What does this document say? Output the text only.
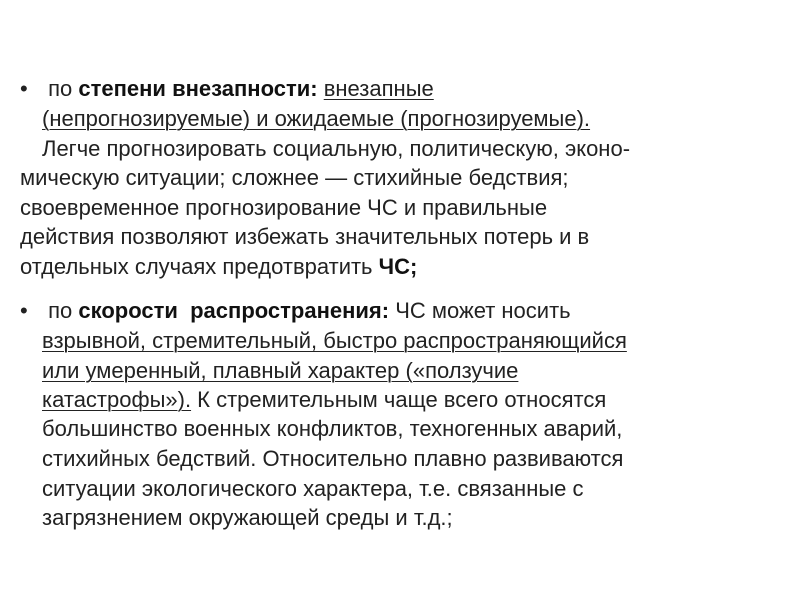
• по степени внезапности: внезапные
(непрогнозируемые) и ожидаемые (прогнозируемые).
Легче прогнозировать социальную, политическую, эконо-
мическую ситуации; сложнее — стихийные бедствия;
своевременное прогнозирование ЧС и правильные
действия позволяют избежать значительных потерь и в
отдельных случаях предотвратить ЧС;
• по скорости  распространения: ЧС может носить
взрывной, стремительный, быстро распространяющийся
или умеренный, плавный характер («ползучие
катастрофы»). К стремительным чаще всего относятся
большинство военных конфликтов, техногенных аварий,
стихийных бедствий. Относительно плавно развиваются
ситуации экологического характера, т.е. связанные с
загрязнением окружающей среды и т.д.;
